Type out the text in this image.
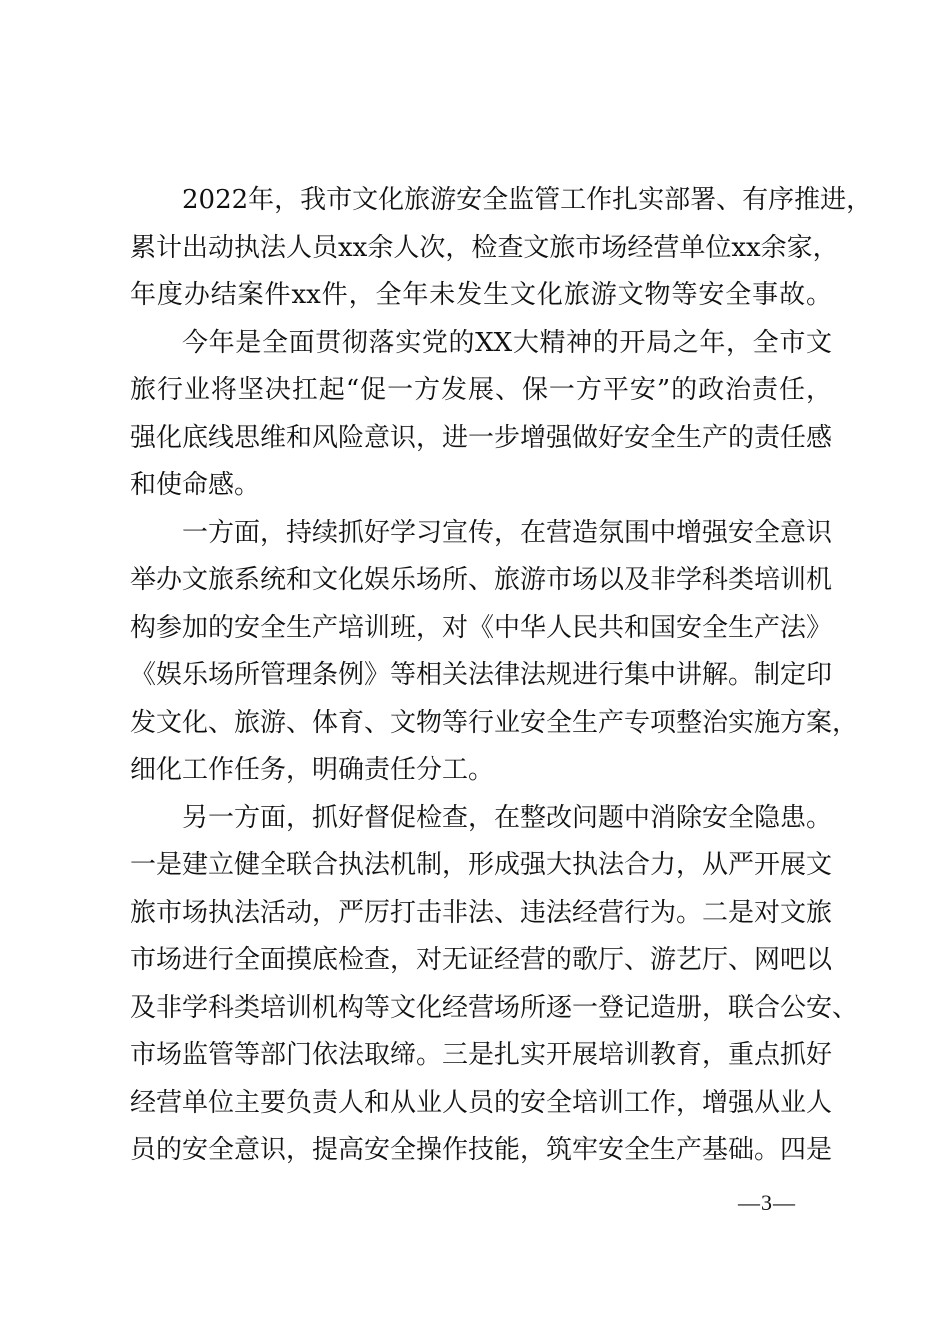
2022年，我市文化旅游安全监管工作扎实部署、有序推进，
累计出动执法人员xx余人次，检查文旅市场经营单位xx余家，
年度办结案件xx件，全年未发生文化旅游文物等安全事故。
今年是全面贯彻落实党的XX大精神的开局之年，全市文
旅行业将坚决扛起“促一方发展、保一方平安”的政治责任，
强化底线思维和风险意识，进一步增强做好安全生产的责任感
和使命感。
一方面，持续抓好学习宣传，在营造氛围中增强安全意识
举办文旅系统和文化娱乐场所、旅游市场以及非学科类培训机
构参加的安全生产培训班，对《中华人民共和国安全生产法》
《娱乐场所管理条例》等相关法律法规进行集中讲解。制定印
发文化、旅游、体育、文物等行业安全生产专项整治实施方案，
细化工作任务，明确责任分工。
另一方面，抓好督促检查，在整改问题中消除安全隐患。
一是建立健全联合执法机制，形成强大执法合力，从严开展文
旅市场执法活动，严厉打击非法、违法经营行为。二是对文旅
市场进行全面摸底检查，对无证经营的歌厅、游艺厅、网吧以
及非学科类培训机构等文化经营场所逐一登记造册，联合公安、
市场监管等部门依法取缔。三是扎实开展培训教育，重点抓好
经营单位主要负责人和从业人员的安全培训工作，增强从业人
员的安全意识，提高安全操作技能，筑牢安全生产基础。四是
—3—
